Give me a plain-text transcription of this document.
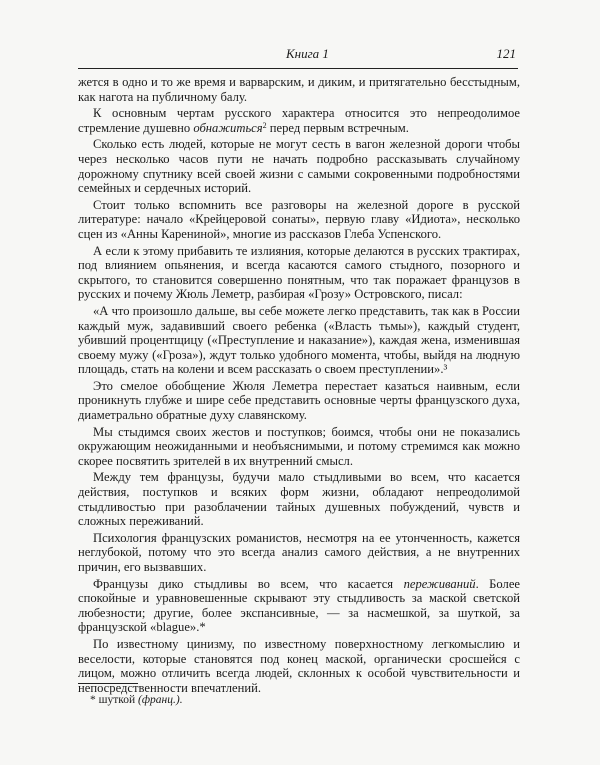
Книга 1	121

жется в одно и то же время и варварским, и диким, и притягательно бесстыдным, как нагота на публичному балу.

К основным чертам русского характера относится это непреодолимое стремление душевно обнажиться$^2$ перед первым встречным.

Сколько есть людей, которые не могут сесть в вагон железной дороги чтобы через несколько часов пути не начать подробно рассказывать случайному дорожному спутнику всей своей жизни с самыми сокровенными подробностями семейных и сердечных историй.

Стоит только вспомнить все разговоры на железной дороге в русской литературе: начало «Крейцеровой сонаты», первую главу «Идиота», несколько сцен из «Анны Карениной», многие из рассказов Глеба Успенского.

А если к этому прибавить те излияния, которые делаются в русских трактирах, под влиянием опьянения, и всегда касаются самого стыдного, позорного и скрытого, то становится совершенно понятным, что так поражает французов в русских и почему Жюль Леметр, разбирая «Грозу» Островского, писал:

«А что произошло дальше, вы себе можете легко представить, так как в России каждый муж, задавивший своего ребенка («Власть тьмы»), каждый студент, убивший процентщицу («Преступление и наказание»), каждая жена, изменившая своему мужу («Гроза»), ждут только удобного момента, чтобы, выйдя на людную площадь, стать на колени и всем рассказать о своем преступлении».³

Это смелое обобщение Жюля Леметра перестает казаться наивным, если проникнуть глубже и шире себе представить основные черты французского духа, диаметрально обратные духу славянскому.

Мы стыдимся своих жестов и поступков; боимся, чтобы они не показались окружающим неожиданными и необъяснимыми, и потому стремимся как можно скорее посвятить зрителей в их внутренний смысл.

Между тем французы, будучи мало стыдливыми во всем, что касается действия, поступков и всяких форм жизни, обладают непреодолимой стыдливостью при разоблачении тайных душевных побуждений, чувств и сложных переживаний.

Психология французских романистов, несмотря на ее утонченность, кажется неглубокой, потому что это всегда анализ самого действия, а не внутренних причин, его вызвавших.

Французы дико стыдливы во всем, что касается переживаний. Более спокойные и уравновешенные скрывают эту стыдливость за маской светской любезности; другие, более экспансивные, — за насмешкой, за шуткой, за французской «blague».*

По известному цинизму, по известному поверхностному легкомыслию и веселости, которые становятся под конец маской, органически сросшейся с лицом, можно отличить всегда людей, склонных к особой чувствительности и непосредственности впечатлений.

* шуткой (франц.).
